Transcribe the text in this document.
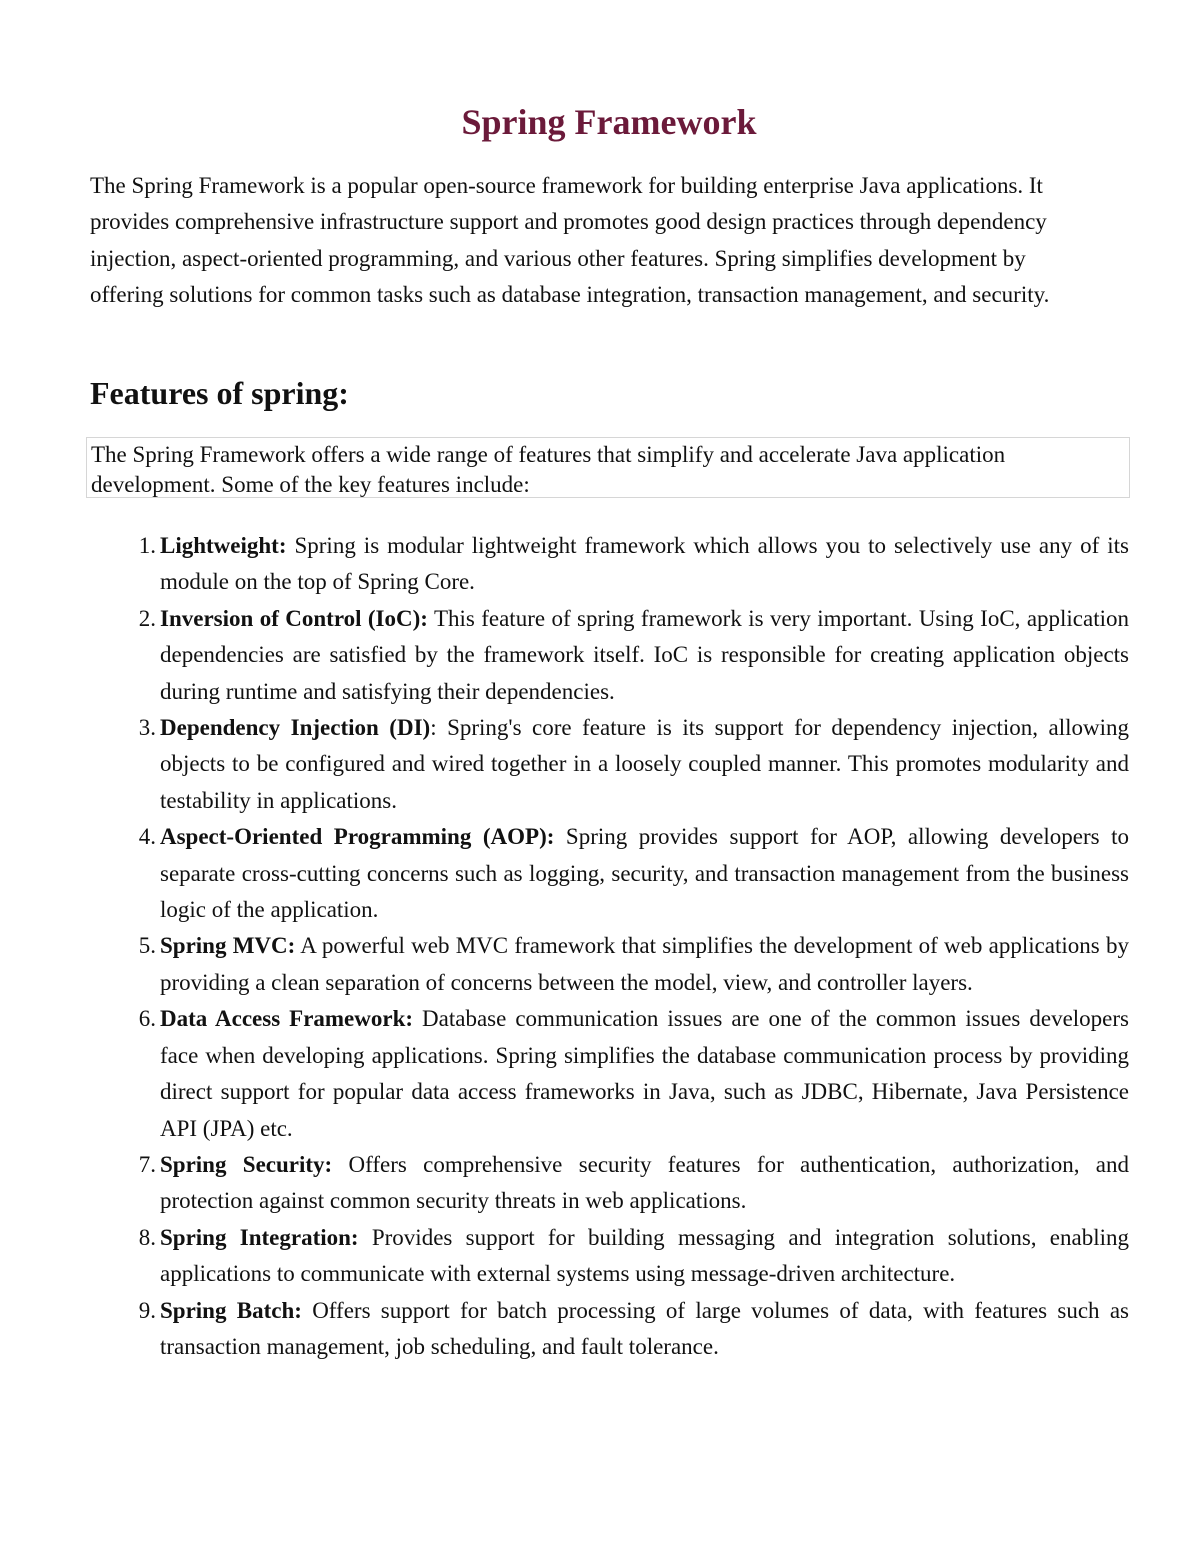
Spring Framework

The Spring Framework is a popular open-source framework for building enterprise Java applications. It provides comprehensive infrastructure support and promotes good design practices through dependency injection, aspect-oriented programming, and various other features. Spring simplifies development by offering solutions for common tasks such as database integration, transaction management, and security.

Features of spring:

The Spring Framework offers a wide range of features that simplify and accelerate Java application development. Some of the key features include:

1. Lightweight: Spring is modular lightweight framework which allows you to selectively use any of its module on the top of Spring Core.
2. Inversion of Control (IoC): This feature of spring framework is very important. Using IoC, application dependencies are satisfied by the framework itself. IoC is responsible for creating application objects during runtime and satisfying their dependencies.
3. Dependency Injection (DI): Spring's core feature is its support for dependency injection, allowing objects to be configured and wired together in a loosely coupled manner. This promotes modularity and testability in applications.
4. Aspect-Oriented Programming (AOP): Spring provides support for AOP, allowing developers to separate cross-cutting concerns such as logging, security, and transaction management from the business logic of the application.
5. Spring MVC: A powerful web MVC framework that simplifies the development of web applications by providing a clean separation of concerns between the model, view, and controller layers.
6. Data Access Framework: Database communication issues are one of the common issues developers face when developing applications. Spring simplifies the database communication process by providing direct support for popular data access frameworks in Java, such as JDBC, Hibernate, Java Persistence API (JPA) etc.
7. Spring Security: Offers comprehensive security features for authentication, authorization, and protection against common security threats in web applications.
8. Spring Integration: Provides support for building messaging and integration solutions, enabling applications to communicate with external systems using message-driven architecture.
9. Spring Batch: Offers support for batch processing of large volumes of data, with features such as transaction management, job scheduling, and fault tolerance.
